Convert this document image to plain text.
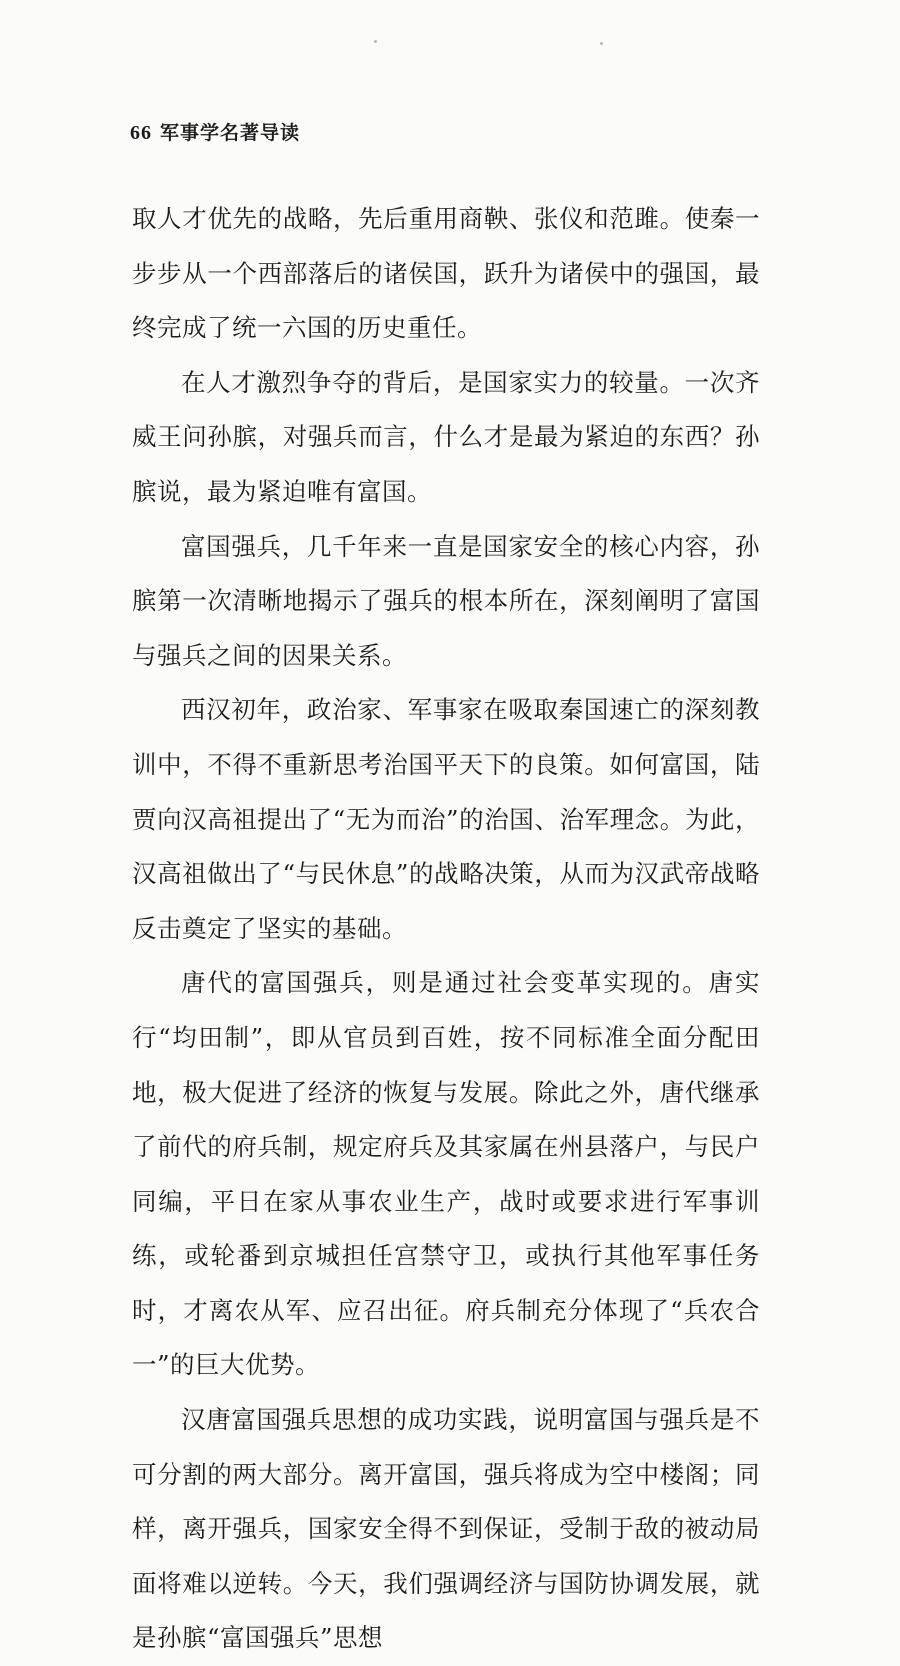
66 军事学名著导读

取人才优先的战略，先后重用商鞅、张仪和范雎。使秦一步步从一个西部落后的诸侯国，跃升为诸侯中的强国，最终完成了统一六国的历史重任。

在人才激烈争夺的背后，是国家实力的较量。一次齐威王问孙膑，对强兵而言，什么才是最为紧迫的东西？孙膑说，最为紧迫唯有富国。

富国强兵，几千年来一直是国家安全的核心内容，孙膑第一次清晰地揭示了强兵的根本所在，深刻阐明了富国与强兵之间的因果关系。

西汉初年，政治家、军事家在吸取秦国速亡的深刻教训中，不得不重新思考治国平天下的良策。如何富国，陆贾向汉高祖提出了“无为而治”的治国、治军理念。为此，汉高祖做出了“与民休息”的战略决策，从而为汉武帝战略反击奠定了坚实的基础。

唐代的富国强兵，则是通过社会变革实现的。唐实行“均田制”，即从官员到百姓，按不同标准全面分配田地，极大促进了经济的恢复与发展。除此之外，唐代继承了前代的府兵制，规定府兵及其家属在州县落户，与民户同编，平日在家从事农业生产，战时或要求进行军事训练，或轮番到京城担任宫禁守卫，或执行其他军事任务时，才离农从军、应召出征。府兵制充分体现了“兵农合一”的巨大优势。

汉唐富国强兵思想的成功实践，说明富国与强兵是不可分割的两大部分。离开富国，强兵将成为空中楼阁；同样，离开强兵，国家安全得不到保证，受制于敌的被动局面将难以逆转。今天，我们强调经济与国防协调发展，就是孙膑“富国强兵”思想
